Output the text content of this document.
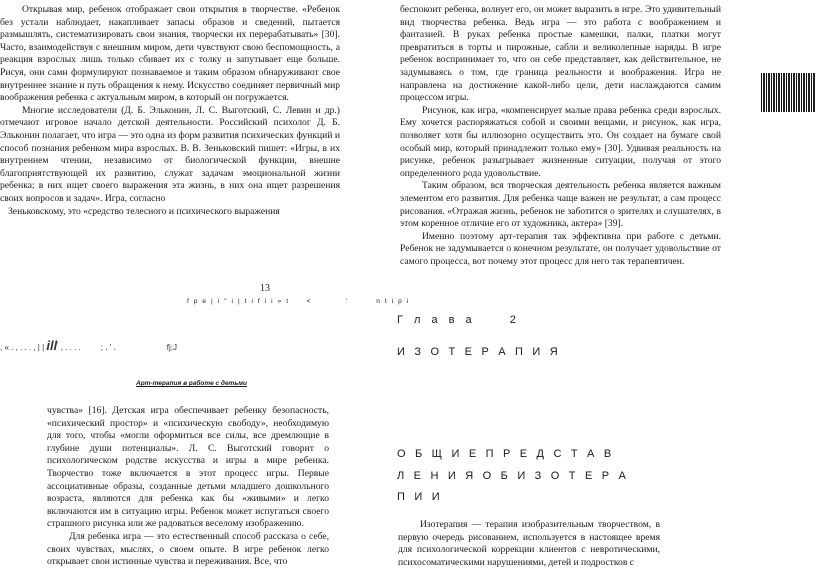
Открывая мир, ребенок отображает свои открытия в творчестве. «Ребенок без устали наблюдает, накапливает запасы образов и сведений, пытается размышлять, систематизировать свои знания, творчески их перерабатывать» [30]. Часто, взаимодействуя с внешним миром, дети чувствуют свою беспомощность, а реакция взрослых лишь только сбивает их с толку и запутывает еще больше. Рисуя, они сами формулируют познаваемое и таким образом обнаруживают свое внутреннее знание и путь обращения к нему. Искусство соединяет первичный мир воображения ребенка с актуальным миром, в который он погружается.

Многие исследователи (Д. Б. Эльконин, Л. С. Выготский, С. Левин и др.) отмечают игровое начало детской деятельности. Российский психолог Д. Б. Эльконин полагает, что игра — это одна из форм развития психических функций и способ познания ребенком мира взрослых. В. В. Зеньковский пишет: «Игры, в их внутреннем чтении, независимо от биологической функции, внешне благоприятствующей их развитию, служат задачам эмоциональной жизни ребенка; в них ищет своего выражения эта жизнь, в них она ищет разрешения своих вопросов и задач». Игра, согласно

Зеньковскому, это «средство телесного и психического выражения

13
f p e | i " i | t i f i i » t     <          '        n t i p i
, « . , . . . , | | ill' , . . . .         ; . ' .                       fj;J
Арт-терапия в работе с детьми

беспокоит ребенка, волнует его, он может выразить в игре. Это удивительный вид творчества ребенка. Ведь игра — это работа с воображением и фантазией. В руках ребенка простые камешки, палки, платки могут превратиться в торты и пирожные, сабли и великолепные наряды. В игре ребенок воспринимает то, что он себе представляет, как действительное, не задумываясь о том, где граница реальности и воображения. Игра не направлена на достижение какой-либо цели, дети наслаждаются самим процессом игры.

Рисунок, как игра, «компенсирует малые права ребенка среди взрослых. Ему хочется распоряжаться собой и своими вещами, и рисунок, как игра, позволяет хотя бы иллюзорно осуществить это. Он создает на бумаге свой особый мир, который принадлежит только ему» [30]. Удвивая реальность на рисунке, ребенок разыгрывает жизненные ситуации, получая от этого определенного рода удовольствие.

Таким образом, вся творческая деятельность ребенка является важным элементом его развития. Для ребенка чаще важен не результат, а сам процесс рисования. «Отражая жизнь, ребенок не заботится о зрителях и слушателях, в этом коренное отличие его от художника, актера» [39].

Именно поэтому арт-терапия так эффективна при работе с детьми. Ребенок не задумывается о конечном результате, он получает удовольствие от самого процесса, вот почему этот процесс для него так терапевтичен.

Г л а в а	2
И З О Т Е Р А П И Я
О Б Щ И Е П Р Е Д С Т А В
Л Е Н И Я О Б И З О Т Е Р А
П И И

чувства» [16]. Детская игра обеспечивает ребенку безопасность, «психический простор» и «психическую свободу», необходимую для того, чтобы «могли оформиться все силы, все дремлющие в глубине души потенциалы». Л. С. Выготский говорит о психологическом родстве искусства и игры в мире ребенка. Творчество тоже включается в этот процесс игры. Первые ассоциативные образы, созданные детьми младшего дошкольного возраста, являются для ребенка как бы «живыми» и легко включаются им в ситуацию игры. Ребенок может испугаться своего страшного рисунка или же радоваться веселому изображению.

Для ребенка игра — это естественный способ рассказа о себе, своих чувствах, мыслях, о своем опыте. В игре ребенок легко открывает свои истинные чувства и переживания. Все, что

Изотерапия — терапия изобразительным творчеством, в первую очередь рисованием, используется в настоящее время для психологической коррекции клиентов с невротическими, психосоматическими нарушениями, детей и подростков с
